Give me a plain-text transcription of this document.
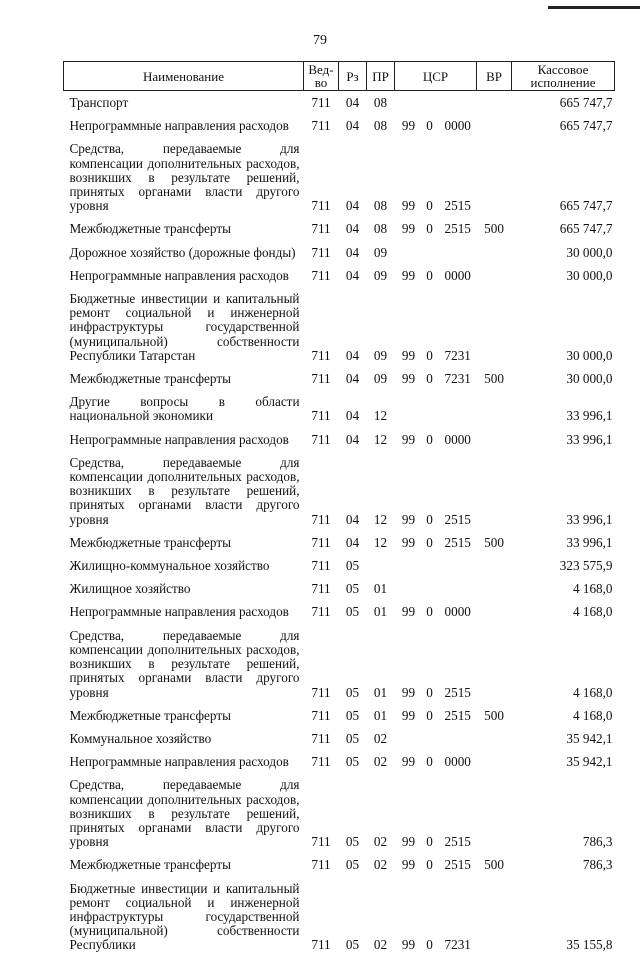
79
Наименование	Вед-
во	Рз	ПР	ЦСР			ВР	Кассовое
исполнение
Транспорт	711	04	08					665 747,7
Непрограммные направления расходов	711	04	08	99	0	0000		665 747,7
Средства, передаваемые для компенсации дополнительных расходов, возникших в результате решений, принятых органами власти другого уровня	711	04	08	99	0	2515		665 747,7
Межбюджетные трансферты	711	04	08	99	0	2515	500	665 747,7
Дорожное хозяйство (дорожные фонды)	711	04	09					30 000,0
Непрограммные направления расходов	711	04	09	99	0	0000		30 000,0
Бюджетные инвестиции и капитальный ремонт социальной и инженерной инфраструктуры государственной (муниципальной) собственности Республики Татарстан	711	04	09	99	0	7231		30 000,0
Межбюджетные трансферты	711	04	09	99	0	7231	500	30 000,0
Другие вопросы в области национальной экономики	711	04	12					33 996,1
Непрограммные направления расходов	711	04	12	99	0	0000		33 996,1
Средства, передаваемые для компенсации дополнительных расходов, возникших в результате решений, принятых органами власти другого уровня	711	04	12	99	0	2515		33 996,1
Межбюджетные трансферты	711	04	12	99	0	2515	500	33 996,1
Жилищно-коммунальное хозяйство	711	05						323 575,9
Жилищное хозяйство	711	05	01					4 168,0
Непрограммные направления расходов	711	05	01	99	0	0000		4 168,0
Средства, передаваемые для компенсации дополнительных расходов, возникших в результате решений, принятых органами власти другого уровня	711	05	01	99	0	2515		4 168,0
Межбюджетные трансферты	711	05	01	99	0	2515	500	4 168,0
Коммунальное хозяйство	711	05	02					35 942,1
Непрограммные направления расходов	711	05	02	99	0	0000		35 942,1
Средства, передаваемые для компенсации дополнительных расходов, возникших в результате решений, принятых органами власти другого уровня	711	05	02	99	0	2515		786,3
Межбюджетные трансферты	711	05	02	99	0	2515	500	786,3
Бюджетные инвестиции и капитальный ремонт социальной и инженерной инфраструктуры государственной (муниципальной) собственности Республики	711	05	02	99	0	7231		35 155,8
